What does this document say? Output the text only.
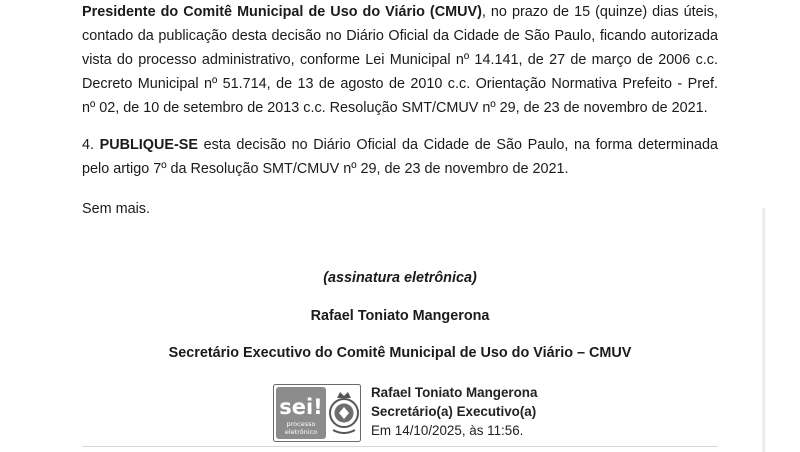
Presidente do Comitê Municipal de Uso do Viário (CMUV), no prazo de 15 (quinze) dias úteis,
contado da publicação desta decisão no Diário Oficial da Cidade de São Paulo, ficando autorizada
vista do processo administrativo, conforme Lei Municipal nº 14.141, de 27 de março de 2006 c.c.
Decreto Municipal nº 51.714, de 13 de agosto de 2010 c.c. Orientação Normativa Prefeito - Pref.
nº 02, de 10 de setembro de 2013 c.c. Resolução SMT/CMUV nº 29, de 23 de novembro de 2021.
4. PUBLIQUE-SE esta decisão no Diário Oficial da Cidade de São Paulo, na forma determinada
pelo artigo 7º da Resolução SMT/CMUV nº 29, de 23 de novembro de 2021.
Sem mais.

(assinatura eletrônica)

Rafael Toniato Mangerona

Secretário Executivo do Comitê Municipal de Uso do Viário – CMUV

sei!
processo
eletrônico
Rafael Toniato Mangerona
Secretário(a) Executivo(a)
Em 14/10/2025, às 11:56.
